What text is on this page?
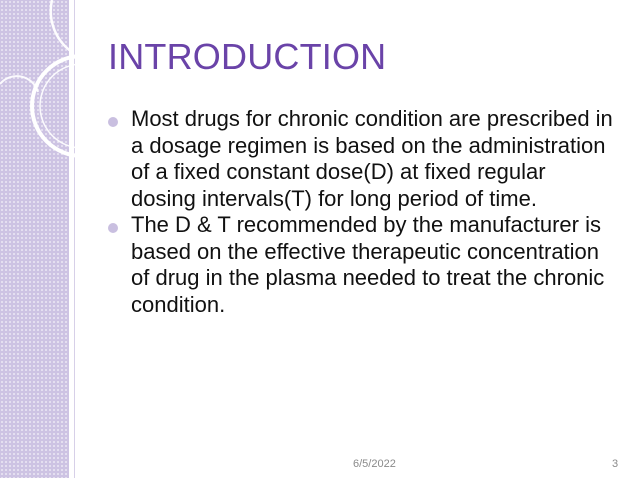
INTRODUCTION
Most drugs for chronic condition are prescribed in a dosage regimen is based on the administration of a fixed constant dose(D) at fixed regular dosing intervals(T) for long period of time.
The D & T recommended by the manufacturer is based on the effective therapeutic concentration of drug in the plasma needed to treat the chronic condition.
6/5/2022	3
